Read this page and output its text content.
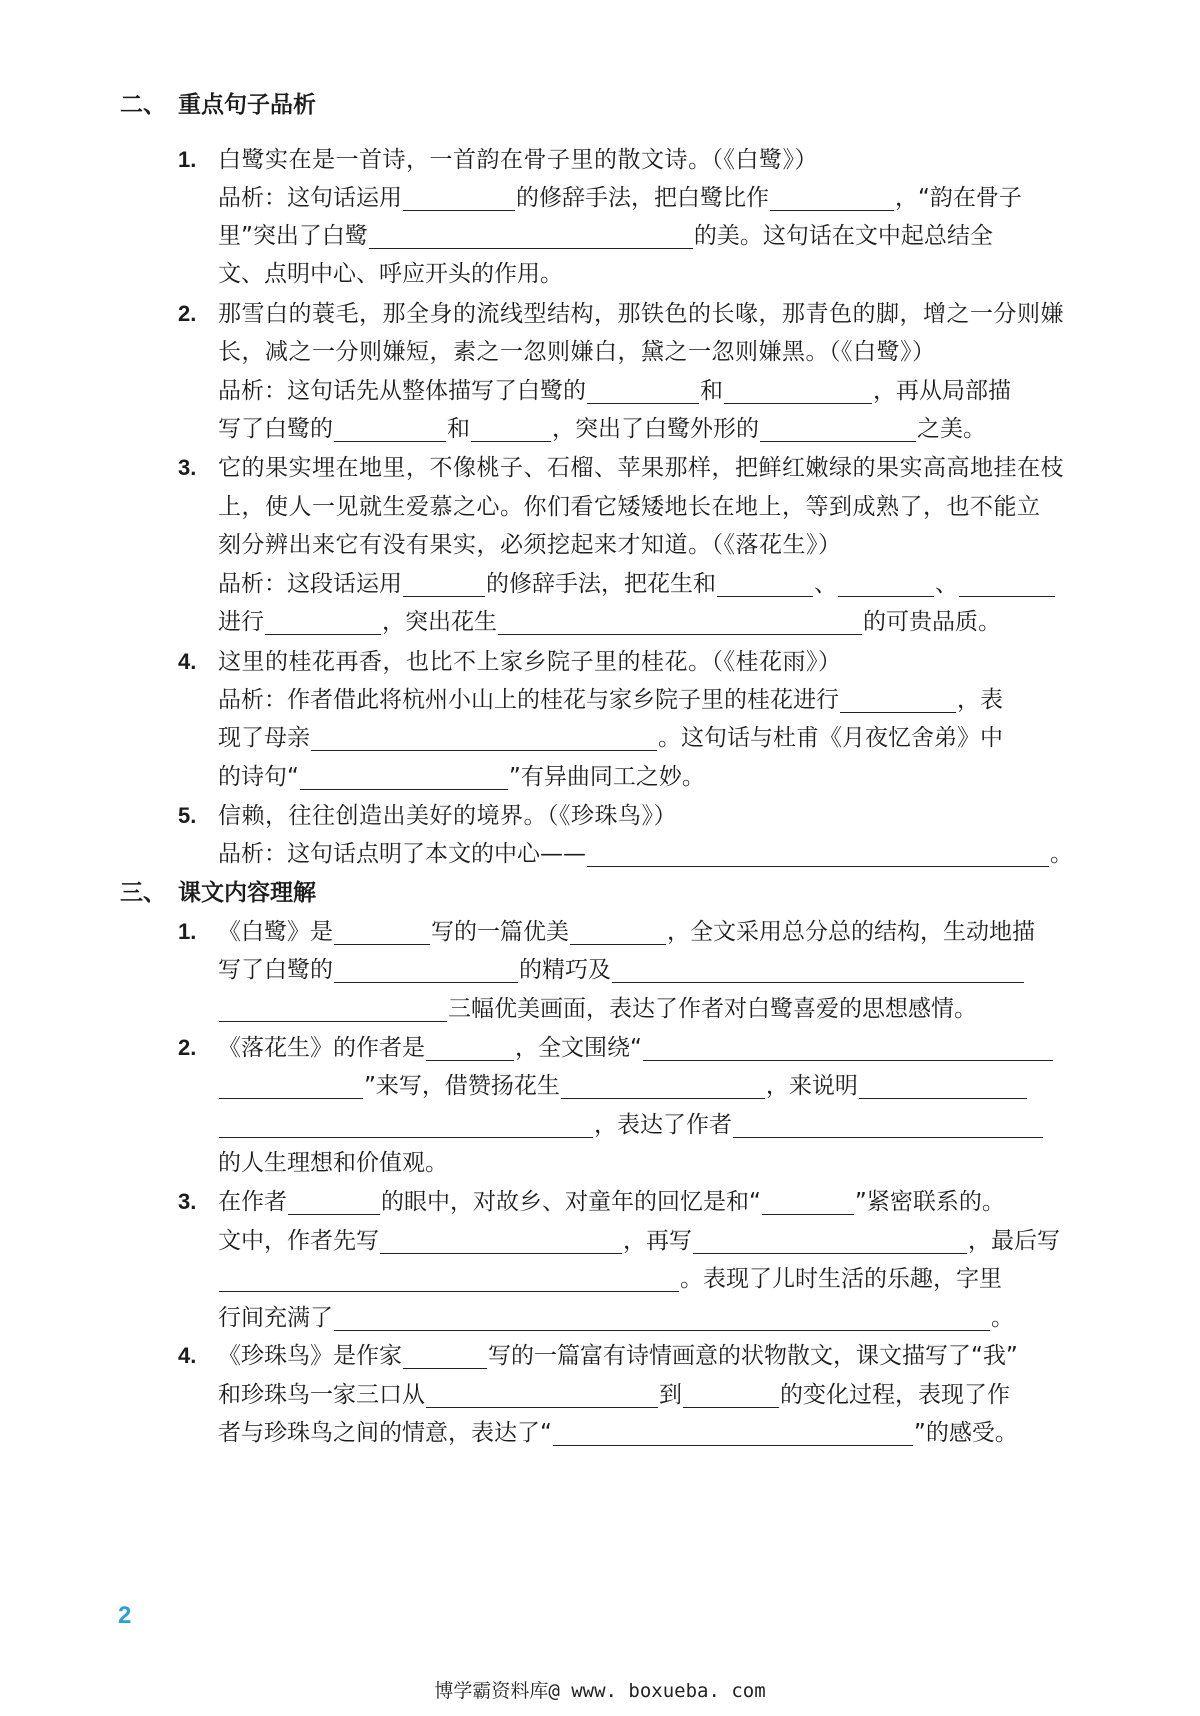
二、 重点句子品析
1. 白鹭实在是一首诗，一首韵在骨子里的散文诗。（《白鹭》）
品析：这句话运用	的修辞手法，把白鹭比作	，“韵在骨子
里”突出了白鹭	的美。这句话在文中起总结全
文、点明中心、呼应开头的作用。
2. 那雪白的蓑毛，那全身的流线型结构，那铁色的长喙，那青色的脚，增之一分则嫌
长，减之一分则嫌短，素之一忽则嫌白，黛之一忽则嫌黑。（《白鹭》）
品析：这句话先从整体描写了白鹭的	和	，再从局部描
写了白鹭的	和	，突出了白鹭外形的	之美。
3. 它的果实埋在地里，不像桃子、石榴、苹果那样，把鲜红嫩绿的果实高高地挂在枝
上，使人一见就生爱慕之心。你们看它矮矮地长在地上，等到成熟了，也不能立
刻分辨出来它有没有果实，必须挖起来才知道。（《落花生》）
品析：这段话运用	的修辞手法，把花生和	、	、
进行	，突出花生	的可贵品质。
4. 这里的桂花再香，也比不上家乡院子里的桂花。（《桂花雨》）
品析：作者借此将杭州小山上的桂花与家乡院子里的桂花进行	，表
现了母亲	。这句话与杜甫《月夜忆舍弟》中
的诗句“	”有异曲同工之妙。
5. 信赖，往往创造出美好的境界。（《珍珠鸟》）
品析：这句话点明了本文的中心——	。
三、 课文内容理解
1. 《白鹭》是	写的一篇优美	，全文采用总分总的结构，生动地描
写了白鹭的	的精巧及
三幅优美画面，表达了作者对白鹭喜爱的思想感情。
2. 《落花生》的作者是	，全文围绕“
”来写，借赞扬花生	，来说明
，表达了作者
的人生理想和价值观。
3. 在作者	的眼中，对故乡、对童年的回忆是和“	”紧密联系的。
文中，作者先写	，再写	，最后写
。表现了儿时生活的乐趣，字里
行间充满了	。
4. 《珍珠鸟》是作家	写的一篇富有诗情画意的状物散文，课文描写了“我”
和珍珠鸟一家三口从	到	的变化过程，表现了作
者与珍珠鸟之间的情意，表达了“	”的感受。
2
博学霸资料库@ www. boxueba. com
